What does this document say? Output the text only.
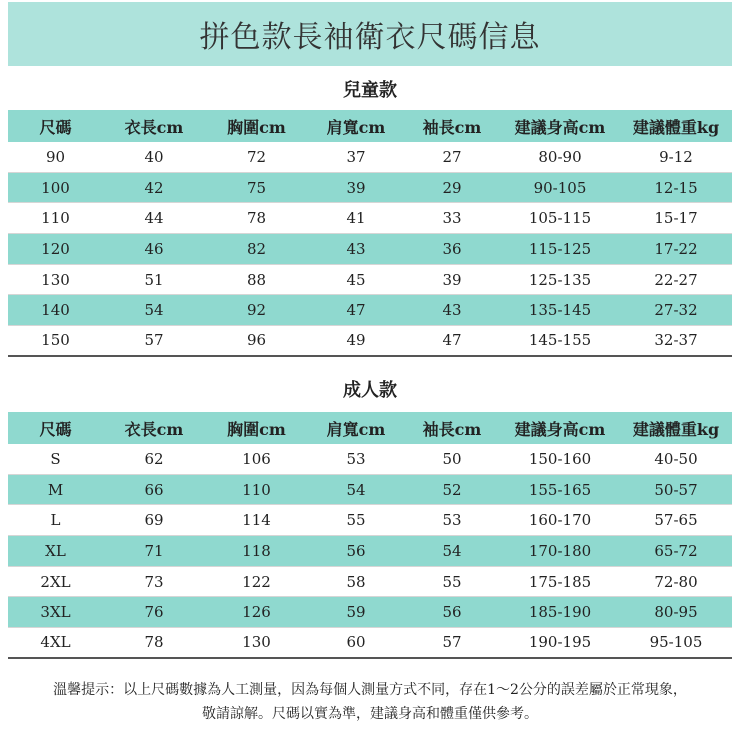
拼色款長袖衛衣尺碼信息
兒童款
尺碼	衣長cm	胸圍cm	肩寬cm	袖長cm	建議身高cm	建議體重kg
90	40	72	37	27	80-90	9-12
100	42	75	39	29	90-105	12-15
110	44	78	41	33	105-115	15-17
120	46	82	43	36	115-125	17-22
130	51	88	45	39	125-135	22-27
140	54	92	47	43	135-145	27-32
150	57	96	49	47	145-155	32-37
成人款
尺碼	衣長cm	胸圍cm	肩寬cm	袖長cm	建議身高cm	建議體重kg
S	62	106	53	50	150-160	40-50
M	66	110	54	52	155-165	50-57
L	69	114	55	53	160-170	57-65
XL	71	118	56	54	170-180	65-72
2XL	73	122	58	55	175-185	72-80
3XL	76	126	59	56	185-190	80-95
4XL	78	130	60	57	190-195	95-105
溫馨提示：以上尺碼數據為人工測量，因為每個人測量方式不同，存在1～2公分的誤差屬於正常現象，
敬請諒解。尺碼以實為準，建議身高和體重僅供參考。
